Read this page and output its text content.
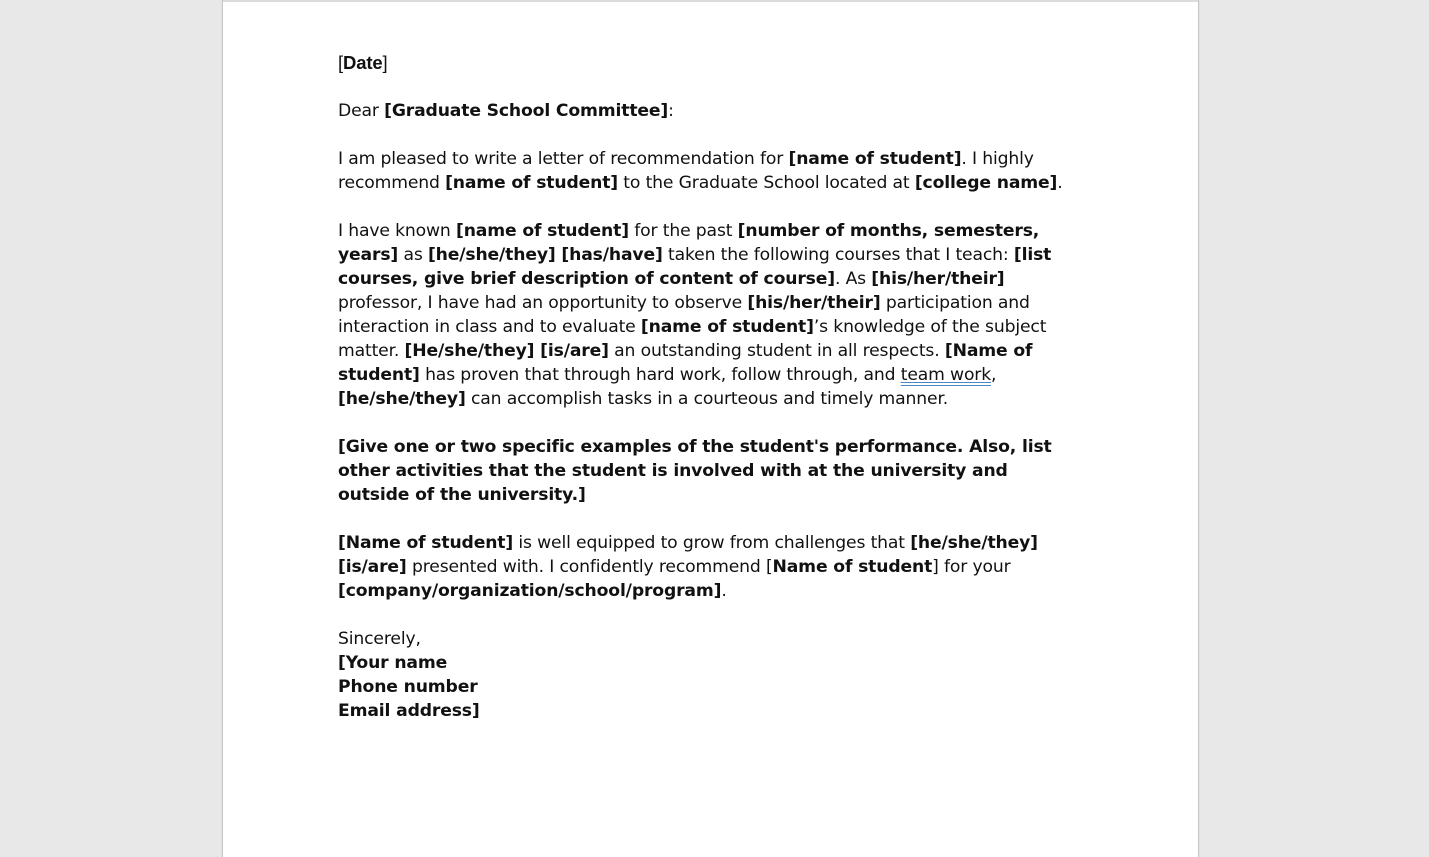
[Date]

Dear [Graduate School Committee]:

I am pleased to write a letter of recommendation for [name of student]. I highly recommend [name of student] to the Graduate School located at [college name].

I have known [name of student] for the past [number of months, semesters, years] as [he/she/they] [has/have] taken the following courses that I teach: [list courses, give brief description of content of course]. As [his/her/their] professor, I have had an opportunity to observe [his/her/their] participation and interaction in class and to evaluate [name of student]’s knowledge of the subject matter. [He/she/they] [is/are] an outstanding student in all respects. [Name of student] has proven that through hard work, follow through, and team work, [he/she/they] can accomplish tasks in a courteous and timely manner.

[Give one or two specific examples of the student's performance. Also, list other activities that the student is involved with at the university and outside of the university.]

[Name of student] is well equipped to grow from challenges that [he/she/they] [is/are] presented with. I confidently recommend [Name of student] for your [company/organization/school/program].

Sincerely,

[Your name

Phone number

Email address]
